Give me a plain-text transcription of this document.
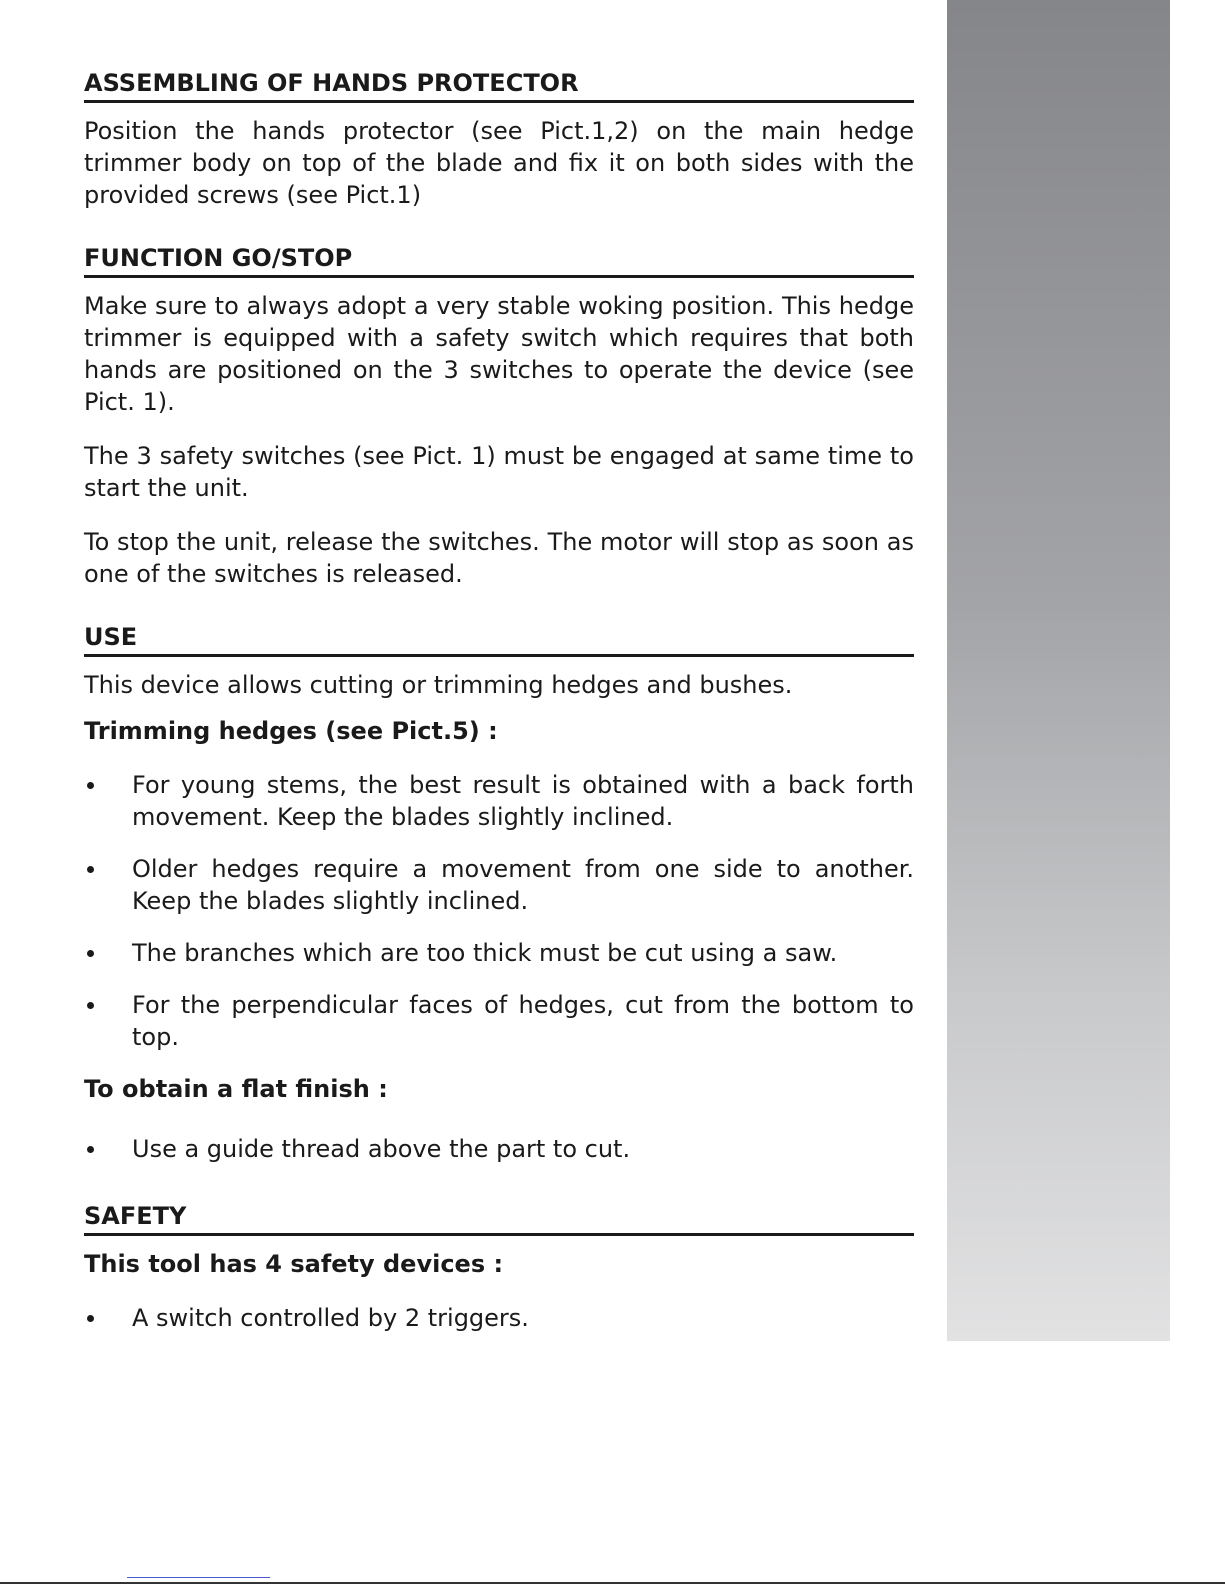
ASSEMBLING OF HANDS PROTECTOR

Position the hands protector (see Pict.1,2) on the main hedge trimmer body on top of the blade and fix it on both sides with the provided screws (see Pict.1)

FUNCTION GO/STOP

Make sure to always adopt a very stable woking position. This hedge trimmer is equipped with a safety switch which requires that both hands are positioned on the 3 switches to operate the device (see Pict. 1).

The 3 safety switches (see Pict. 1) must be engaged at same time to start the unit.

To stop the unit, release the switches. The motor will stop as soon as one of the switches is released.

USE

This device allows cutting or trimming hedges and bushes.

Trimming hedges (see Pict.5) :
For young stems, the best result is obtained with a back forth movement. Keep the blades slightly inclined.
Older hedges require a movement from one side to another. Keep the blades slightly inclined.
The branches which are too thick must be cut using a saw.
For the perpendicular faces of hedges, cut from the bottom to top.
To obtain a flat finish :
Use a guide thread above the part to cut.
SAFETY
This tool has 4 safety devices :
A switch controlled by 2 triggers.
